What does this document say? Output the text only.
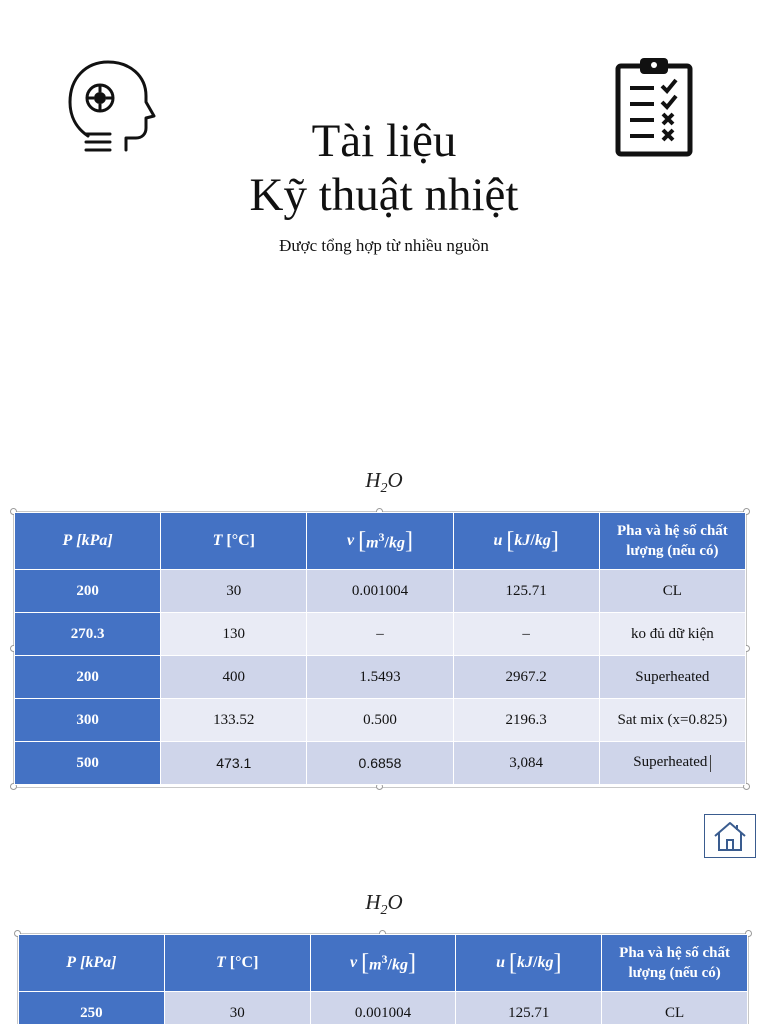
Tài liệu
Kỹ thuật nhiệt
Được tổng hợp từ nhiều nguồn
$H_2O$
P [kPa]	T [°C]	v $[m^3/kg]$	u [kJ/kg]	Pha và hệ số chất
lượng (nếu có)
200	30	0.001004	125.71	CL
270.3	130	–	–	ko đủ dữ kiện
200	400	1.5493	2967.2	Superheated
300	133.52	0.500	2196.3	Sat mix (x=0.825)
500	473.1	0.6858	3,084	Superheated
$H_2O$
P [kPa]	T [°C]	v $[m^3/kg]$	u [kJ/kg]	Pha và hệ số chất
lượng (nếu có)
250	30	0.001004	125.71	CL
